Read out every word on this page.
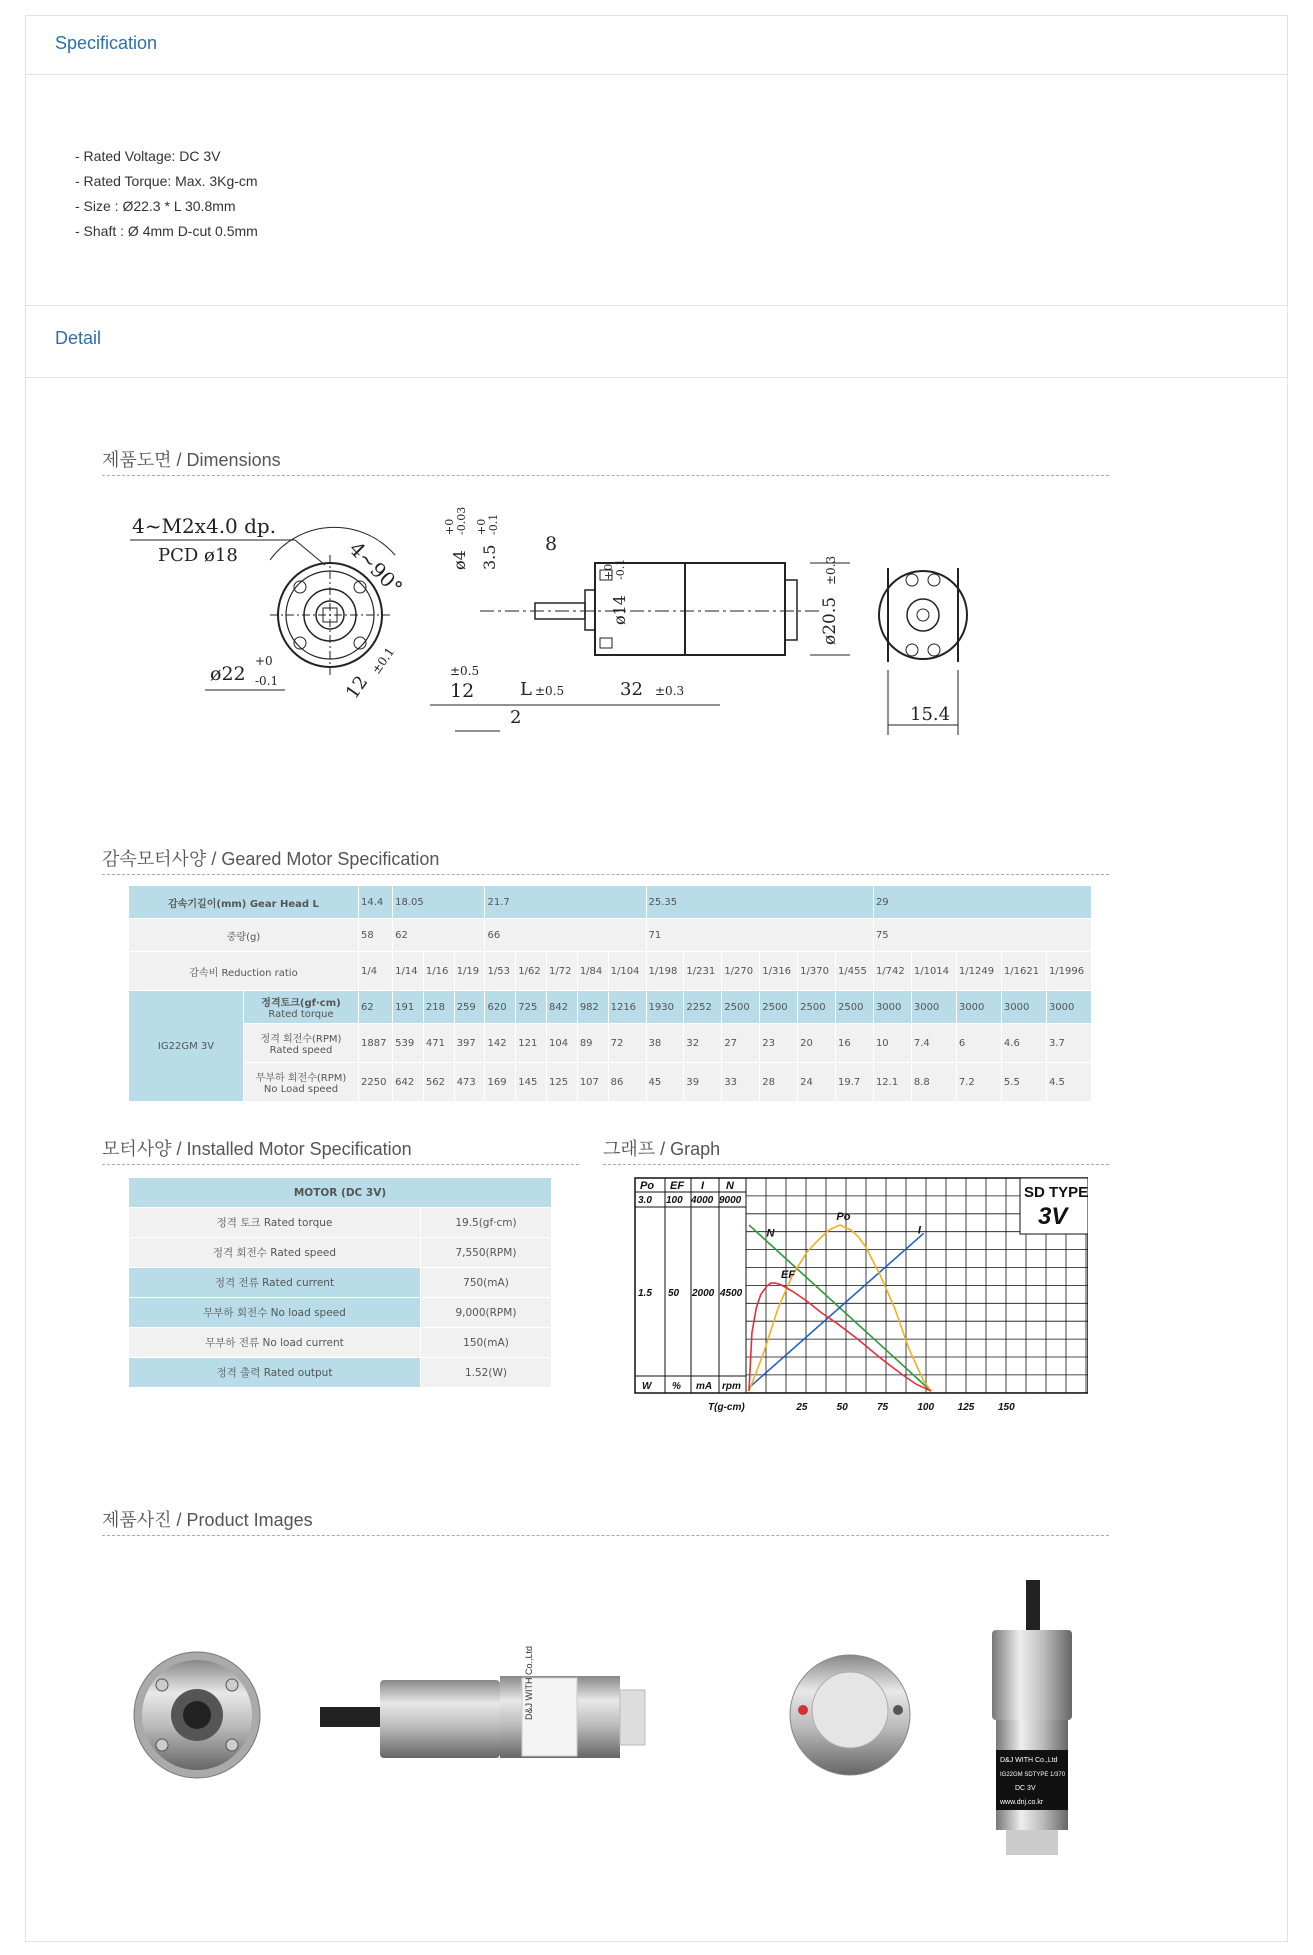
Specification
- Rated Voltage: DC 3V
- Rated Torque: Max. 3Kg-cm
- Size : Ø22.3 * L 30.8mm
- Shaft : Ø 4mm D-cut 0.5mm
Detail
제품도면 / Dimensions
4~M2x4.0 dp.
PCD ø18	4~90°
ø22
+0
-0.1	12
±0.1
ø4
+0 -0.03
3.5
+0 -0.1
8
ø14
+0 -0.1
ø20.5
±0.3
12
±0.5
L ±0.5	32 ±0.3
2	15.4
감속모터사양 / Geared Motor Specification
감속기길이(mm) Gear Head L		14.4	18.05			21.7					25.35						29				
중량(g)		58	62			66					71						75				
감속비 Reduction ratio		1/4	1/14	1/16	1/19	1/53	1/62	1/72	1/84	1/104	1/198	1/231	1/270	1/316	1/370	1/455	1/742	1/1014	1/1249	1/1621	1/1996
IG22GM 3V	정격토크(gf·cm)
Rated torque	62	191	218	259	620	725	842	982	1216	1930	2252	2500	2500	2500	2500	3000	3000	3000	3000	3000

	정격 회전수(RPM)
Rated speed	1887	539	471	397	142	121	104	89	72	38	32	27	23	20	16	10	7.4	6	4.6	3.7

	무부하 회전수(RPM)
No Load speed	2250	642	562	473	169	145	125	107	86	45	39	33	28	24	19.7	12.1	8.8	7.2	5.5	4.5
모터사양 / Installed Motor Specification
MOTOR (DC 3V)	
정격 토크 Rated torque	19.5(gf·cm)
정격 회전수 Rated speed	7,550(RPM)
정격 전류 Rated current	750(mA)
무부하 회전수 No load speed	9,000(RPM)
무부하 전류 No load current	150(mA)
정격 출력 Rated output	1.52(W)
그래프 / Graph
SD TYPE
3V
Po EF I N
3.0 100 4000 9000
1.5 50 2000 4500
W % mA rpm
T(g-cm)	25	50	75	100 125 150
N	I
Po
EF
제품사진 / Product Images
D&J WITH Co.,Ltd
D&J WITH Co.,Ltd
IG22GM SDTYPE 1/370
DC 3V
www.dnj.co.kr
